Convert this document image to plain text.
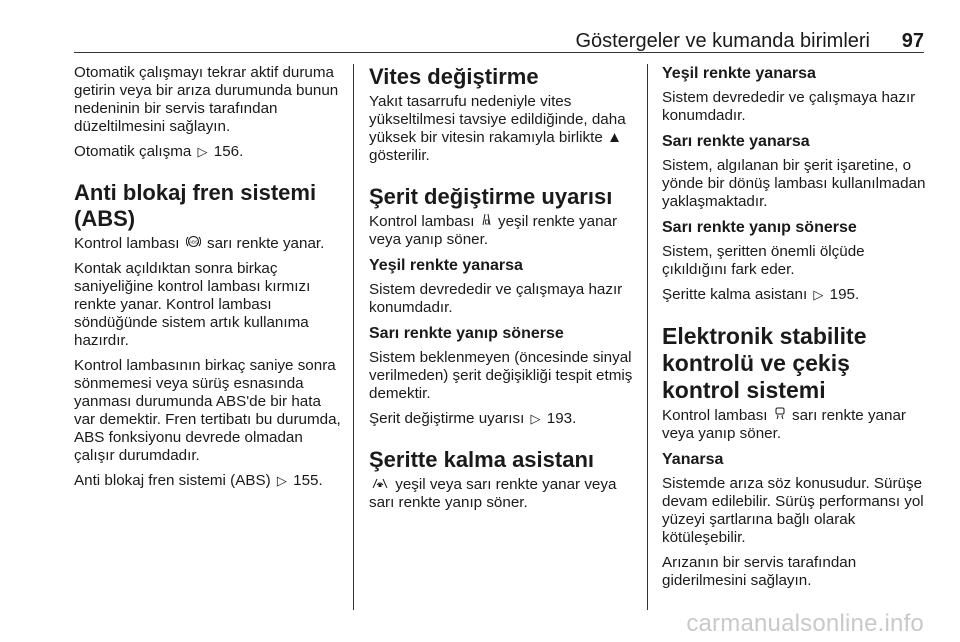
Göstergeler ve kumanda birimleri 97

Otomatik çalışmayı tekrar aktif duruma getirin veya bir arıza durumunda bunun nedeninin bir servis tarafından düzeltilmesini sağlayın.

Otomatik çalışma ▷ 156.

Anti blokaj fren sistemi (ABS)

Kontrol lambası ABS sarı renkte yanar.

Kontak açıldıktan sonra birkaç saniyeliğine kontrol lambası kırmızı renkte yanar. Kontrol lambası söndüğünde sistem artık kullanıma hazırdır.

Kontrol lambasının birkaç saniye sonra sönmemesi veya sürüş esnasında yanması durumunda ABS'de bir hata var demektir. Fren tertibatı bu durumda, ABS fonksiyonu devrede olmadan çalışır durumdadır.

Anti blokaj fren sistemi (ABS) ▷ 155.

Vites değiştirme

Yakıt tasarrufu nedeniyle vites yükseltilmesi tavsiye edildiğinde, daha yüksek bir vitesin rakamıyla birlikte ▲ gösterilir.

Şerit değiştirme uyarısı

Kontrol lambası yeşil renkte yanar veya yanıp söner.

Yeşil renkte yanarsa

Sistem devrededir ve çalışmaya hazır konumdadır.

Sarı renkte yanıp sönerse

Sistem beklenmeyen (öncesinde sinyal verilmeden) şerit değişikliği tespit etmiş demektir.

Şerit değiştirme uyarısı ▷ 193.

Şeritte kalma asistanı

yeşil veya sarı renkte yanar veya sarı renkte yanıp söner.

Yeşil renkte yanarsa

Sistem devrededir ve çalışmaya hazır konumdadır.

Sarı renkte yanarsa

Sistem, algılanan bir şerit işaretine, o yönde bir dönüş lambası kullanılmadan yaklaşmaktadır.

Sarı renkte yanıp sönerse

Sistem, şeritten önemli ölçüde çıkıldığını fark eder.

Şeritte kalma asistanı ▷ 195.

Elektronik stabilite kontrolü ve çekiş kontrol sistemi

Kontrol lambası sarı renkte yanar veya yanıp söner.

Yanarsa

Sistemde arıza söz konusudur. Sürüşe devam edilebilir. Sürüş performansı yol yüzeyi şartlarına bağlı olarak kötüleşebilir.

Arızanın bir servis tarafından giderilmesini sağlayın.

carmanualsonline.info
